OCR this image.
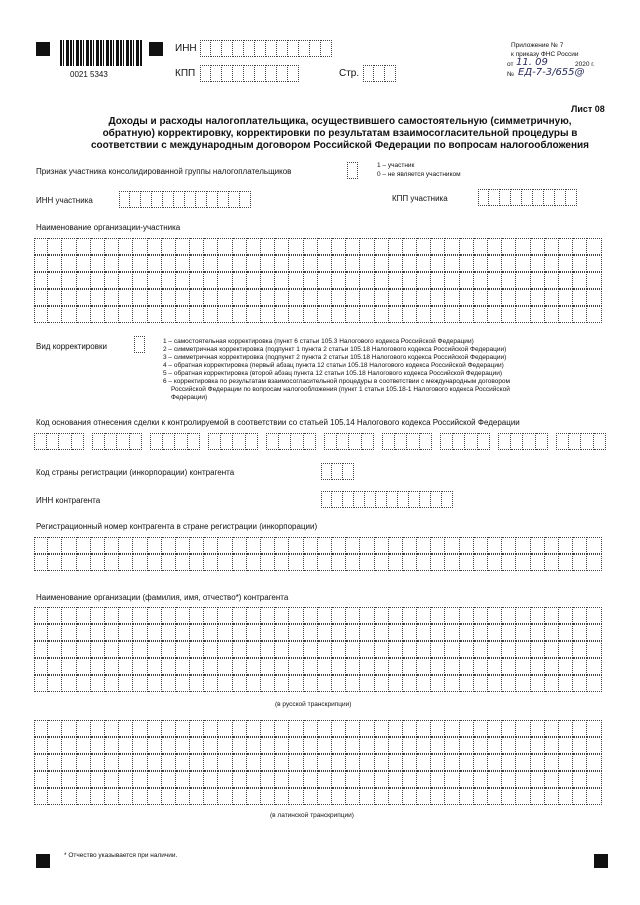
0021 5343
ИНН
КПП	Стр.
Приложение № 7
к приказу ФНС России
от 11. 09	2020 г.
№ ЕД-7-3/655@
Лист 08
Доходы и расходы налогоплательщика, осуществившего самостоятельную (симметричную,
обратную) корректировку, корректировки по результатам взаимосогласительной процедуры в
соответствии с международным договором Российской Федерации по вопросам налогообложения
Признак участника консолидированной группы налогоплательщиков
1 – участник
0 – не является участником
ИНН участника	КПП участника
Наименование организации-участника
Вид корректировки
1 – самостоятельная корректировка (пункт 6 статьи 105.3 Налогового кодекса Российской Федерации)
2 – симметричная корректировка (подпункт 1 пункта 2 статьи 105.18 Налогового кодекса Российской Федерации)
3 – симметричная корректировка (подпункт 2 пункта 2 статьи 105.18 Налогового кодекса Российской Федерации)
4 – обратная корректировка (первый абзац пункта 12 статьи 105.18 Налогового кодекса Российской Федерации)
5 – обратная корректировка (второй абзац пункта 12 статьи 105.18 Налогового кодекса Российской Федерации)
6 – корректировка по результатам взаимосогласительной процедуры в соответствии с международным договором
Российской Федерации по вопросам налогообложения (пункт 1 статьи 105.18-1 Налогового кодекса Российской
Федерации)
Код основания отнесения сделки к контролируемой в соответствии со статьей 105.14 Налогового кодекса Российской Федерации
Код страны регистрации (инкорпорации) контрагента
ИНН контрагента
Регистрационный номер контрагента в стране регистрации (инкорпорации)
Наименование организации (фамилия, имя, отчество*) контрагента
(в русской транскрипции)
(в латинской транскрипции)
* Отчество указывается при наличии.
